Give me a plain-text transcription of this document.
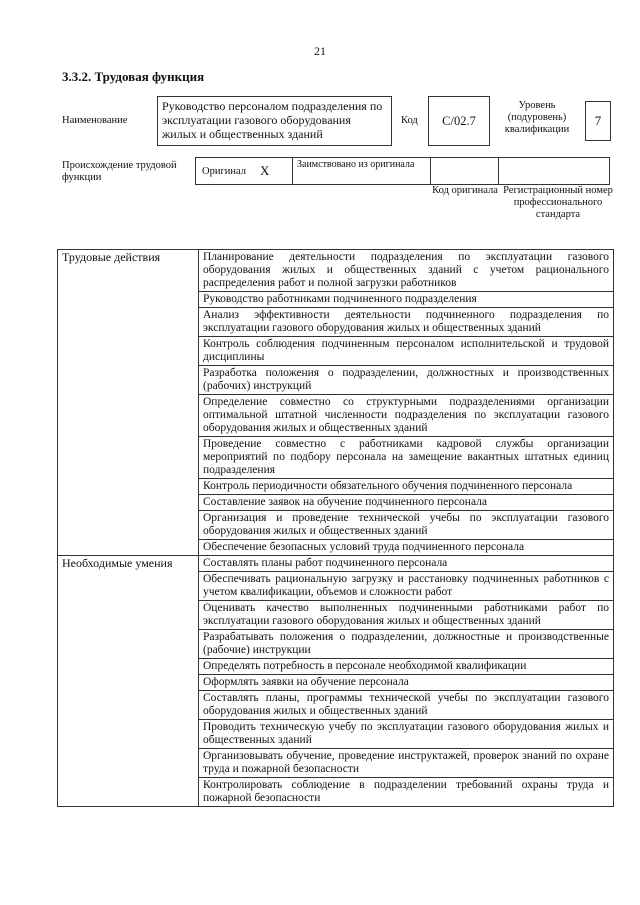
21
3.3.2. Трудовая функция
Наименование
Руководство персоналом подразделения по эксплуатации газового оборудования жилых и общественных зданий
Код	C/02.7
Уровень (подуровень) квалификации
7
Происхождение трудовой функции
Оригинал X	Заимствовано из оригинала
Код оригинала Регистрационный номер профессионального стандарта
Трудовые действия	Планирование деятельности подразделения по эксплуатации газового оборудования жилых и общественных зданий с учетом рационального распределения работ и полной загрузки работников
	Руководство работниками подчиненного подразделения
	Анализ эффективности деятельности подчиненного подразделения по эксплуатации газового оборудования жилых и общественных зданий
	Контроль соблюдения подчиненным персоналом исполнительской и трудовой дисциплины
	Разработка положения о подразделении, должностных и производственных (рабочих) инструкций
	Определение совместно со структурными подразделениями организации оптимальной штатной численности подразделения по эксплуатации газового оборудования жилых и общественных зданий
	Проведение совместно с работниками кадровой службы организации мероприятий по подбору персонала на замещение вакантных штатных единиц подразделения
	Контроль периодичности обязательного обучения подчиненного персонала
	Составление заявок на обучение подчиненного персонала
	Организация и проведение технической учебы по эксплуатации газового оборудования жилых и общественных зданий
	Обеспечение безопасных условий труда подчиненного персонала
Необходимые умения	Составлять планы работ подчиненного персонала
	Обеспечивать рациональную загрузку и расстановку подчиненных работников с учетом квалификации, объемов и сложности работ
	Оценивать качество выполненных подчиненными работниками работ по эксплуатации газового оборудования жилых и общественных зданий
	Разрабатывать положения о подразделении, должностные и производственные (рабочие) инструкции
	Определять потребность в персонале необходимой квалификации
	Оформлять заявки на обучение персонала
	Составлять планы, программы технической учебы по эксплуатации газового оборудования жилых и общественных зданий
	Проводить техническую учебу по эксплуатации газового оборудования жилых и общественных зданий
	Организовывать обучение, проведение инструктажей, проверок знаний по охране труда и пожарной безопасности
	Контролировать соблюдение в подразделении требований охраны труда и пожарной безопасности
